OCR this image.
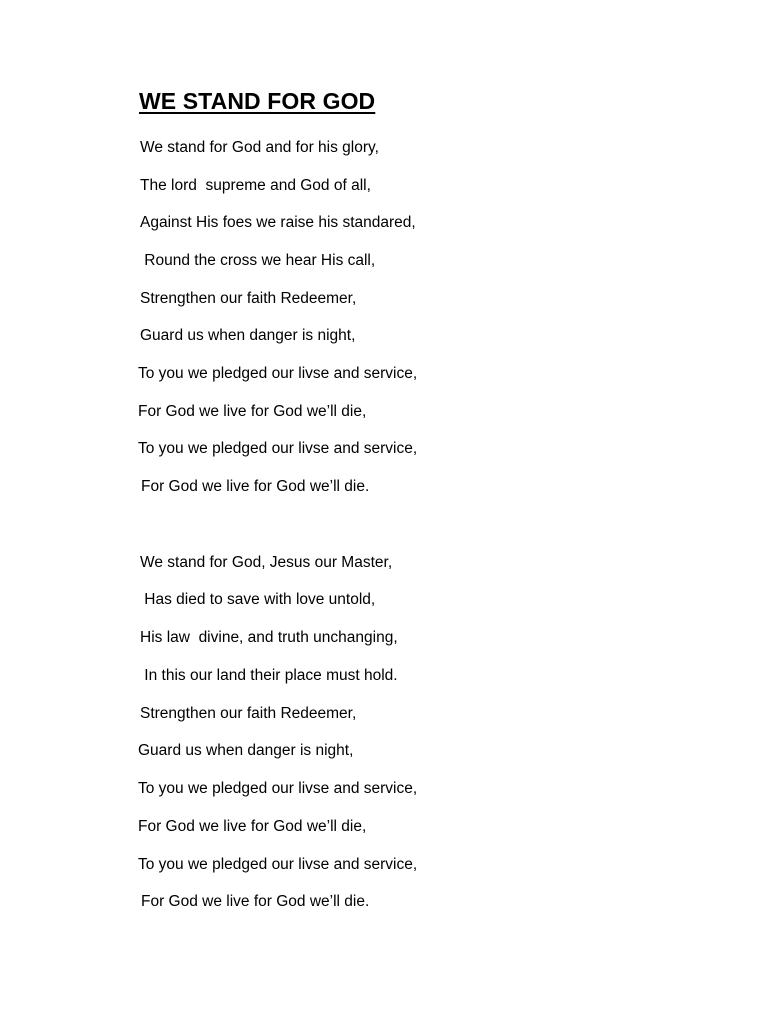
WE STAND FOR GOD
We stand for God and for his glory,
The lord  supreme and God of all,
Against His foes we raise his standared,
Round the cross we hear His call,
Strengthen our faith Redeemer,
Guard us when danger is night,
To you we pledged our livse and service,
For God we live for God we’ll die,
To you we pledged our livse and service,
For God we live for God we’ll die.
We stand for God, Jesus our Master,
Has died to save with love untold,
His law  divine, and truth unchanging,
In this our land their place must hold.
Strengthen our faith Redeemer,
Guard us when danger is night,
To you we pledged our livse and service,
For God we live for God we’ll die,
To you we pledged our livse and service,
For God we live for God we’ll die.
